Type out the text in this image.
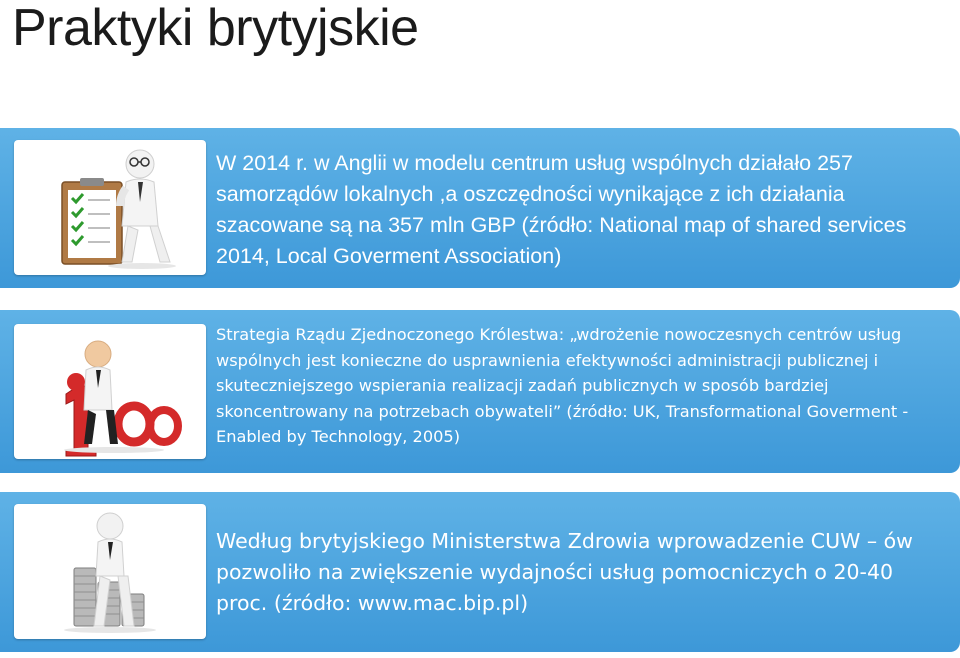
Praktyki brytyjskie

W 2014 r. w Anglii w modelu centrum usług wspólnych działało 257 samorządów lokalnych ,a oszczędności wynikające z ich działania szacowane są na 357 mln GBP (źródło: National map of shared services 2014, Local Goverment Association)

Strategia Rządu Zjednoczonego Królestwa: „wdrożenie nowoczesnych centrów usług wspólnych jest konieczne do usprawnienia efektywności administracji publicznej i skuteczniejszego wspierania realizacji zadań publicznych w sposób bardziej skoncentrowany na potrzebach obywateli” (źródło: UK, Transformational Goverment - Enabled by Technology, 2005)

Według brytyjskiego Ministerstwa Zdrowia wprowadzenie CUW – ów pozwoliło na zwiększenie wydajności usług pomocniczych o 20-40 proc. (źródło: www.mac.bip.pl)
